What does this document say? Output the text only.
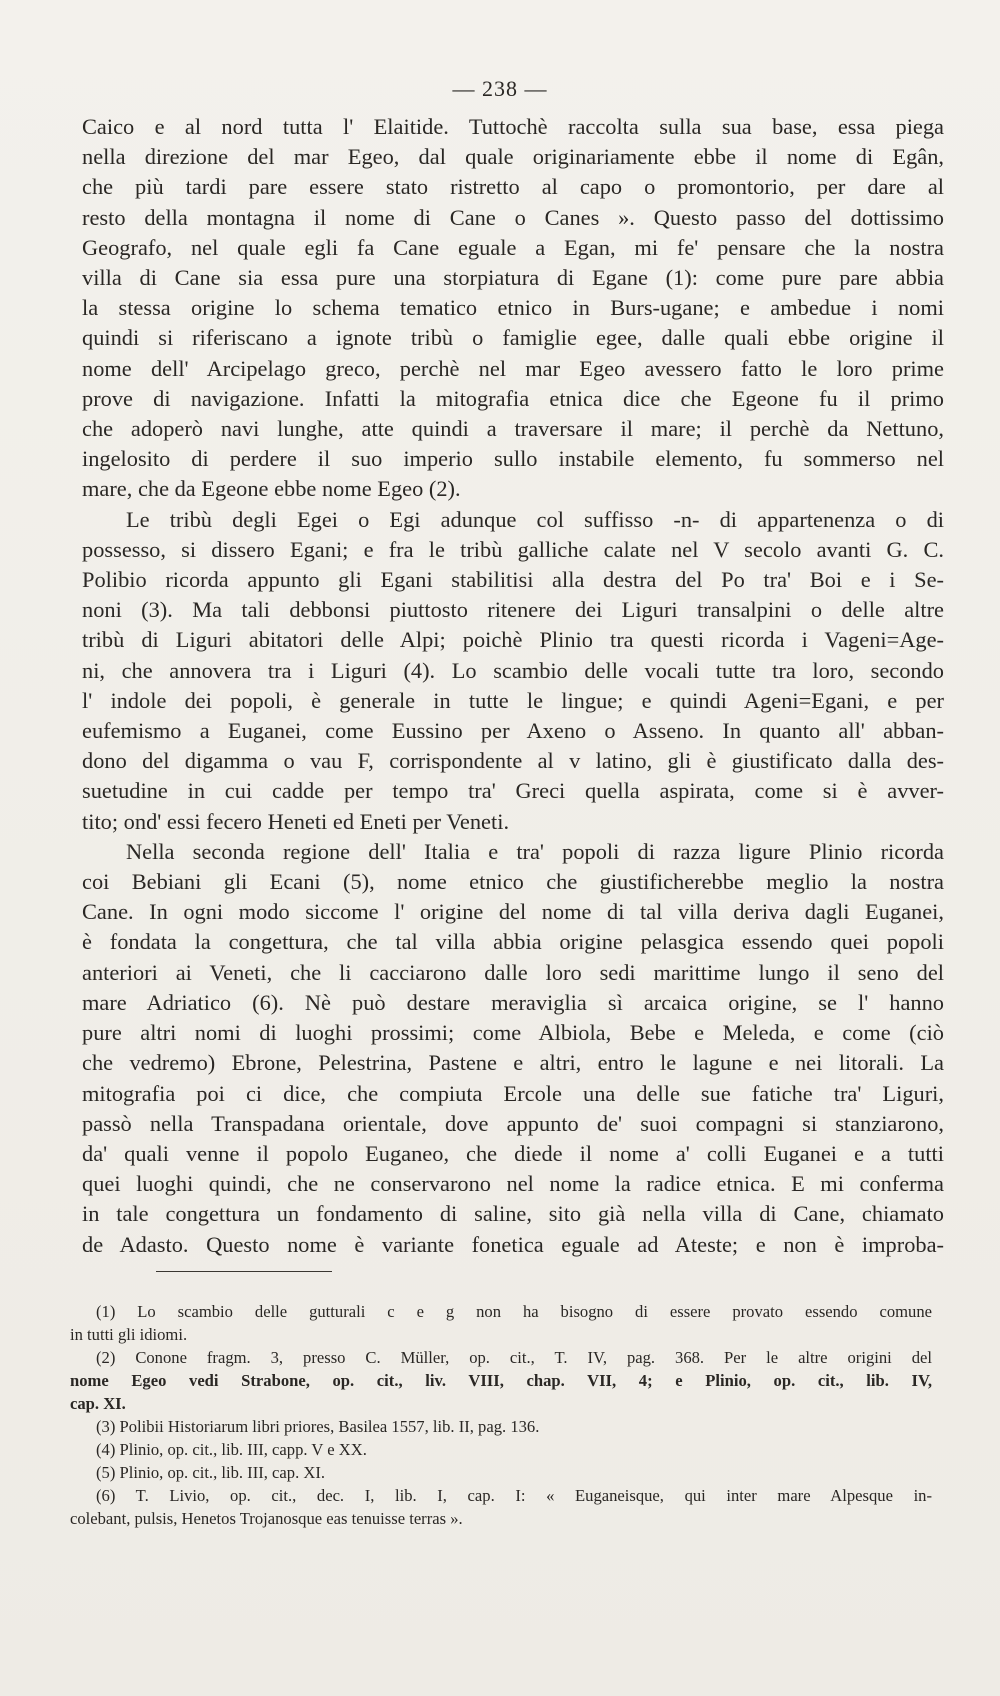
— 238 —
Caico e al nord tutta l' Elaitide. Tuttochè raccolta sulla sua base, essa piega
nella direzione del mar Egeo, dal quale originariamente ebbe il nome di Egân,
che più tardi pare essere stato ristretto al capo o promontorio, per dare al
resto della montagna il nome di Cane o Canes ». Questo passo del dottissimo
Geografo, nel quale egli fa Cane eguale a Egan, mi fe' pensare che la nostra
villa di Cane sia essa pure una storpiatura di Egane (1): come pure pare abbia
la stessa origine lo schema tematico etnico in Burs-ugane; e ambedue i nomi
quindi si riferiscano a ignote tribù o famiglie egee, dalle quali ebbe origine il
nome dell' Arcipelago greco, perchè nel mar Egeo avessero fatto le loro prime
prove di navigazione. Infatti la mitografia etnica dice che Egeone fu il primo
che adoperò navi lunghe, atte quindi a traversare il mare; il perchè da Nettuno,
ingelosito di perdere il suo imperio sullo instabile elemento, fu sommerso nel
mare, che da Egeone ebbe nome Egeo (2).
Le tribù degli Egei o Egi adunque col suffisso -n- di appartenenza o di
possesso, si dissero Egani; e fra le tribù galliche calate nel V secolo avanti G. C.
Polibio ricorda appunto gli Egani stabilitisi alla destra del Po tra' Boi e i Se-
noni (3). Ma tali debbonsi piuttosto ritenere dei Liguri transalpini o delle altre
tribù di Liguri abitatori delle Alpi; poichè Plinio tra questi ricorda i Vageni=Age-
ni, che annovera tra i Liguri (4). Lo scambio delle vocali tutte tra loro, secondo
l' indole dei popoli, è generale in tutte le lingue; e quindi Ageni=Egani, e per
eufemismo a Euganei, come Eussino per Axeno o Asseno. In quanto all' abban-
dono del digamma o vau F, corrispondente al v latino, gli è giustificato dalla des-
suetudine in cui cadde per tempo tra' Greci quella aspirata, come si è avver-
tito; ond' essi fecero Heneti ed Eneti per Veneti.
Nella seconda regione dell' Italia e tra' popoli di razza ligure Plinio ricorda
coi Bebiani gli Ecani (5), nome etnico che giustificherebbe meglio la nostra
Cane. In ogni modo siccome l' origine del nome di tal villa deriva dagli Euganei,
è fondata la congettura, che tal villa abbia origine pelasgica essendo quei popoli
anteriori ai Veneti, che li cacciarono dalle loro sedi marittime lungo il seno del
mare Adriatico (6). Nè può destare meraviglia sì arcaica origine, se l' hanno
pure altri nomi di luoghi prossimi; come Albiola, Bebe e Meleda, e come (ciò
che vedremo) Ebrone, Pelestrina, Pastene e altri, entro le lagune e nei litorali. La
mitografia poi ci dice, che compiuta Ercole una delle sue fatiche tra' Liguri,
passò nella Transpadana orientale, dove appunto de' suoi compagni si stanziarono,
da' quali venne il popolo Euganeo, che diede il nome a' colli Euganei e a tutti
quei luoghi quindi, che ne conservarono nel nome la radice etnica. E mi conferma
in tale congettura un fondamento di saline, sito già nella villa di Cane, chiamato
de Adasto. Questo nome è variante fonetica eguale ad Ateste; e non è improba-
(1) Lo scambio delle gutturali c e g non ha bisogno di essere provato essendo comune
in tutti gli idiomi.
(2) Conone fragm. 3, presso C. Müller, op. cit., T. IV, pag. 368. Per le altre origini del
nome Egeo vedi Strabone, op. cit., liv. VIII, chap. VII, 4; e Plinio, op. cit., lib. IV,
cap. XI.
(3) Polibii Historiarum libri priores, Basilea 1557, lib. II, pag. 136.
(4) Plinio, op. cit., lib. III, capp. V e XX.
(5) Plinio, op. cit., lib. III, cap. XI.
(6) T. Livio, op. cit., dec. I, lib. I, cap. I: « Euganeisque, qui inter mare Alpesque in-
colebant, pulsis, Henetos Trojanosque eas tenuisse terras ».
